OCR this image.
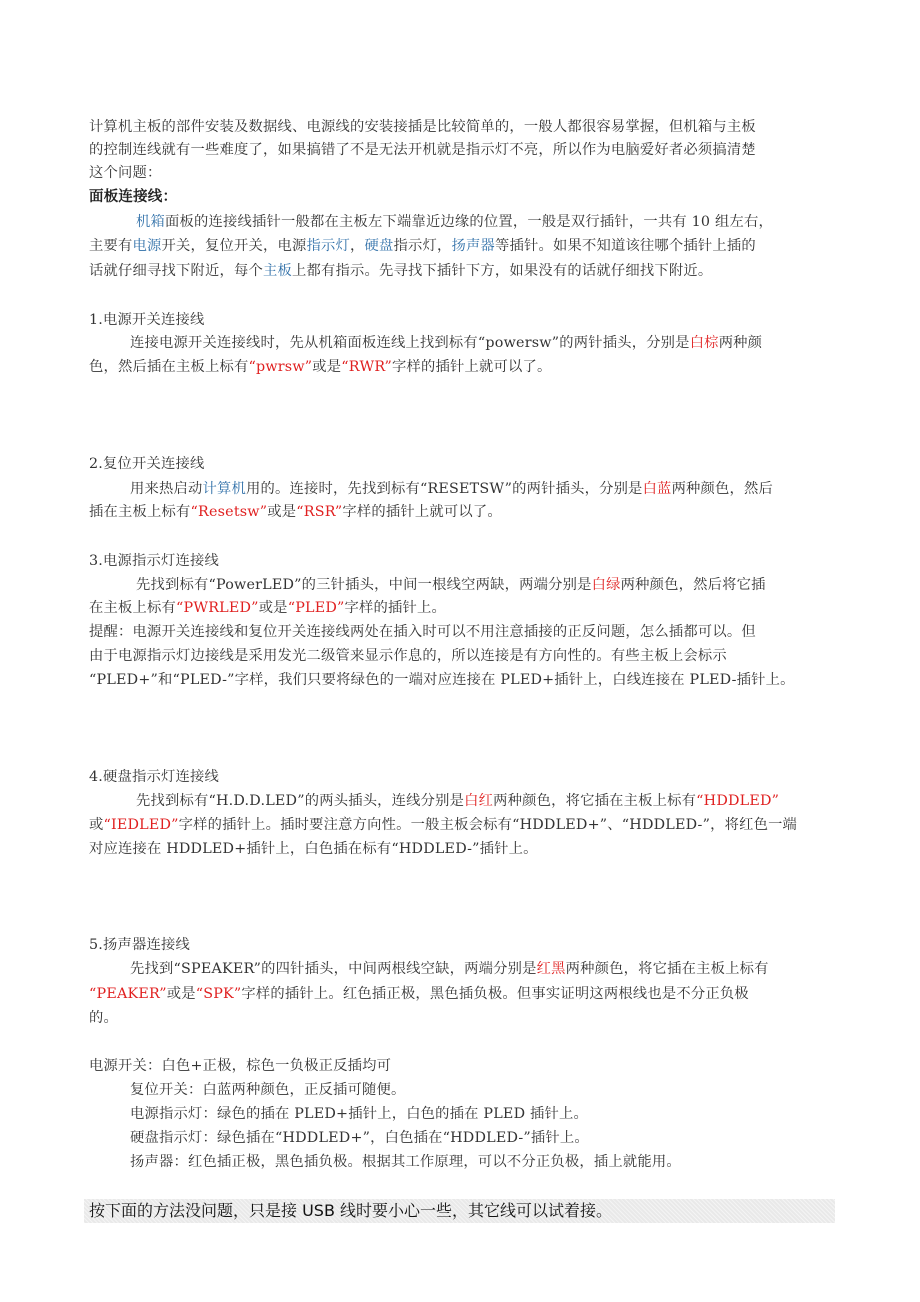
计算机主板的部件安装及数据线、电源线的安装接插是比较简单的，一般人都很容易掌握，但机箱与主板
的控制连线就有一些难度了，如果搞错了不是无法开机就是指示灯不亮，所以作为电脑爱好者必须搞清楚
这个问题：
面板连接线：
机箱面板的连接线插针一般都在主板左下端靠近边缘的位置，一般是双行插针，一共有 10 组左右，
主要有电源开关，复位开关，电源指示灯，硬盘指示灯，扬声器等插针。如果不知道该往哪个插针上插的
话就仔细寻找下附近，每个主板上都有指示。先寻找下插针下方，如果没有的话就仔细找下附近。
1.电源开关连接线
连接电源开关连接线时，先从机箱面板连线上找到标有“powersw”的两针插头，分别是白棕两种颜
色，然后插在主板上标有“pwrsw”或是“RWR”字样的插针上就可以了。
2.复位开关连接线
用来热启动计算机用的。连接时，先找到标有“RESETSW”的两针插头，分别是白蓝两种颜色，然后
插在主板上标有“Resetsw”或是“RSR”字样的插针上就可以了。
3.电源指示灯连接线
先找到标有“PowerLED”的三针插头，中间一根线空两缺，两端分别是白绿两种颜色，然后将它插
在主板上标有“PWRLED”或是“PLED”字样的插针上。
提醒：电源开关连接线和复位开关连接线两处在插入时可以不用注意插接的正反问题，怎么插都可以。但
由于电源指示灯边接线是采用发光二级管来显示作息的，所以连接是有方向性的。有些主板上会标示
“PLED+”和“PLED-”字样，我们只要将绿色的一端对应连接在 PLED+插针上，白线连接在 PLED-插针上。
4.硬盘指示灯连接线
先找到标有“H.D.D.LED”的两头插头，连线分别是白红两种颜色，将它插在主板上标有“HDDLED”
或“IEDLED”字样的插针上。插时要注意方向性。一般主板会标有“HDDLED+”、“HDDLED-”，将红色一端
对应连接在 HDDLED+插针上，白色插在标有“HDDLED-”插针上。
5.扬声器连接线
先找到“SPEAKER”的四针插头，中间两根线空缺，两端分别是红黑两种颜色，将它插在主板上标有
“PEAKER”或是“SPK”字样的插针上。红色插正极，黑色插负极。但事实证明这两根线也是不分正负极
的。
电源开关：白色+正极，棕色一负极正反插均可
复位开关：白蓝两种颜色，正反插可随便。
电源指示灯：绿色的插在 PLED+插针上，白色的插在 PLED 插针上。
硬盘指示灯：绿色插在“HDDLED+”，白色插在“HDDLED-”插针上。
扬声器：红色插正极，黑色插负极。根据其工作原理，可以不分正负极，插上就能用。
按下面的方法没问题，只是接 USB 线时要小心一些，其它线可以试着接。
